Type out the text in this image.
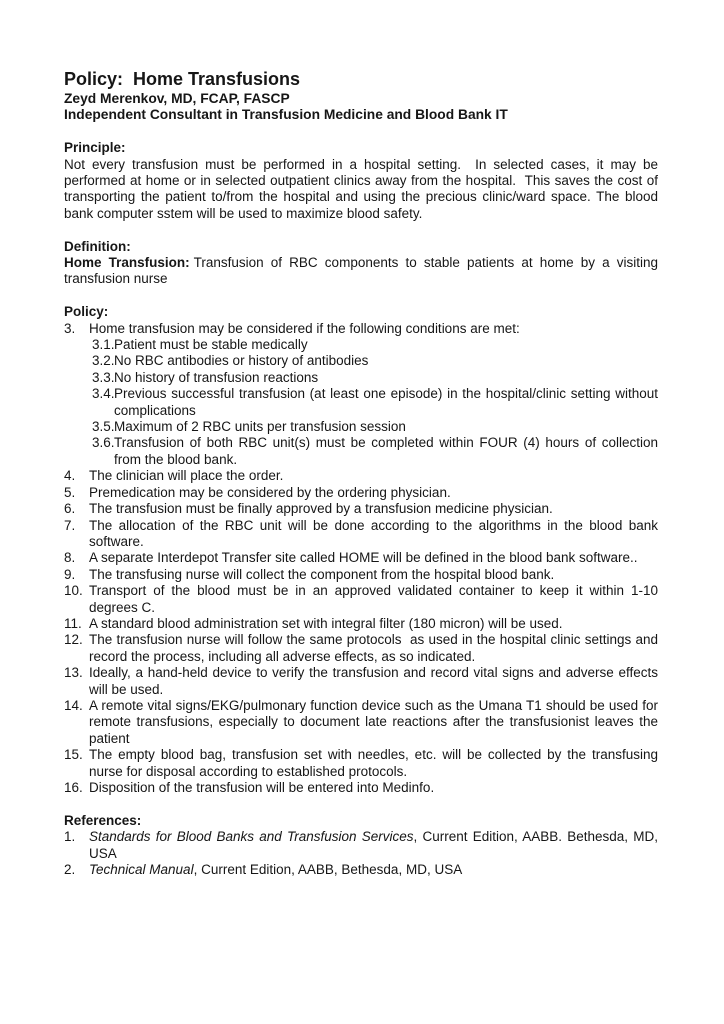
Policy:  Home Transfusions
Zeyd Merenkov, MD, FCAP, FASCP
Independent Consultant in Transfusion Medicine and Blood Bank IT
Principle:

Not every transfusion must be performed in a hospital setting.  In selected cases, it may be performed at home or in selected outpatient clinics away from the hospital.  This saves the cost of transporting the patient to/from the hospital and using the precious clinic/ward space. The blood bank computer sstem will be used to maximize blood safety.

Definition:

Home Transfusion: Transfusion of RBC components to stable patients at home by a visiting transfusion nurse

Policy:
3. Home transfusion may be considered if the following conditions are met:
3.1.Patient must be stable medically
3.2.No RBC antibodies or history of antibodies
3.3.No history of transfusion reactions
3.4.Previous successful transfusion (at least one episode) in the hospital/clinic setting without complications
3.5.Maximum of 2 RBC units per transfusion session
3.6.Transfusion of both RBC unit(s) must be completed within FOUR (4) hours of collection from the blood bank.
4. The clinician will place the order.
5. Premedication may be considered by the ordering physician.
6. The transfusion must be finally approved by a transfusion medicine physician.
7. The allocation of the RBC unit will be done according to the algorithms in the blood bank software.
8. A separate Interdepot Transfer site called HOME will be defined in the blood bank software..
9. The transfusing nurse will collect the component from the hospital blood bank.
10. Transport of the blood must be in an approved validated container to keep it within 1-10 degrees C.
11. A standard blood administration set with integral filter (180 micron) will be used.
12. The transfusion nurse will follow the same protocols  as used in the hospital clinic settings and record the process, including all adverse effects, as so indicated.
13. Ideally, a hand-held device to verify the transfusion and record vital signs and adverse effects will be used.
14. A remote vital signs/EKG/pulmonary function device such as the Umana T1 should be used for remote transfusions, especially to document late reactions after the transfusionist leaves the patient
15. The empty blood bag, transfusion set with needles, etc. will be collected by the transfusing nurse for disposal according to established protocols.
16. Disposition of the transfusion will be entered into Medinfo.
References:
1. Standards for Blood Banks and Transfusion Services, Current Edition, AABB. Bethesda, MD, USA
2. Technical Manual, Current Edition, AABB, Bethesda, MD, USA
